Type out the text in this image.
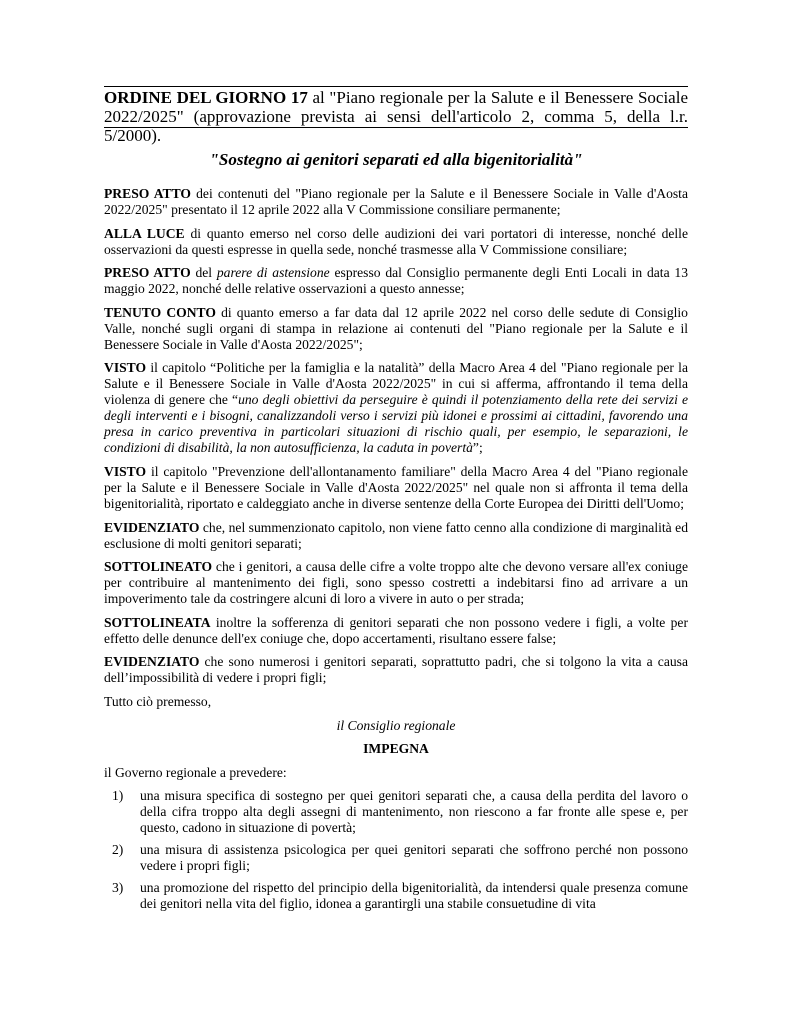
ORDINE DEL GIORNO 17 al "Piano regionale per la Salute e il Benessere Sociale 2022/2025" (approvazione prevista ai sensi dell'articolo 2, comma 5, della l.r. 5/2000).
"Sostegno ai genitori separati ed alla bigenitorialità"

PRESO ATTO dei contenuti del "Piano regionale per la Salute e il Benessere Sociale in Valle d'Aosta 2022/2025" presentato il 12 aprile 2022 alla V Commissione consiliare permanente;

ALLA LUCE di quanto emerso nel corso delle audizioni dei vari portatori di interesse, nonché delle osservazioni da questi espresse in quella sede, nonché trasmesse alla V Commissione consiliare;

PRESO ATTO del parere di astensione espresso dal Consiglio permanente degli Enti Locali in data 13 maggio 2022, nonché delle relative osservazioni a questo annesse;

TENUTO CONTO di quanto emerso a far data dal 12 aprile 2022 nel corso delle sedute di Consiglio Valle, nonché sugli organi di stampa in relazione ai contenuti del "Piano regionale per la Salute e il Benessere Sociale in Valle d'Aosta 2022/2025";

VISTO il capitolo “Politiche per la famiglia e la natalità” della Macro Area 4 del "Piano regionale per la Salute e il Benessere Sociale in Valle d'Aosta 2022/2025" in cui si afferma, affrontando il tema della violenza di genere che “uno degli obiettivi da perseguire è quindi il potenziamento della rete dei servizi e degli interventi e i bisogni, canalizzandoli verso i servizi più idonei e prossimi ai cittadini, favorendo una presa in carico preventiva in particolari situazioni di rischio quali, per esempio, le separazioni, le condizioni di disabilità, la non autosufficienza, la caduta in povertà”;

VISTO il capitolo "Prevenzione dell'allontanamento familiare" della Macro Area 4 del "Piano regionale per la Salute e il Benessere Sociale in Valle d'Aosta 2022/2025" nel quale non si affronta il tema della bigenitorialità, riportato e caldeggiato anche in diverse sentenze della Corte Europea dei Diritti dell'Uomo;

EVIDENZIATO che, nel summenzionato capitolo, non viene fatto cenno alla condizione di marginalità ed esclusione di molti genitori separati;

SOTTOLINEATO che i genitori, a causa delle cifre a volte troppo alte che devono versare all'ex coniuge per contribuire al mantenimento dei figli, sono spesso costretti a indebitarsi fino ad arrivare a un impoverimento tale da costringere alcuni di loro a vivere in auto o per strada;

SOTTOLINEATA inoltre la sofferenza di genitori separati che non possono vedere i figli, a volte per effetto delle denunce dell'ex coniuge che, dopo accertamenti, risultano essere false;

EVIDENZIATO che sono numerosi i genitori separati, soprattutto padri, che si tolgono la vita a causa dell’impossibilità di vedere i propri figli;

Tutto ciò premesso,

il Consiglio regionale

IMPEGNA

il Governo regionale a prevedere:

1) una misura specifica di sostegno per quei genitori separati che, a causa della perdita del lavoro o della cifra troppo alta degli assegni di mantenimento, non riescono a far fronte alle spese e, per questo, cadono in situazione di povertà;
2) una misura di assistenza psicologica per quei genitori separati che soffrono perché non possono vedere i propri figli;
3) una promozione del rispetto del principio della bigenitorialità, da intendersi quale presenza comune dei genitori nella vita del figlio, idonea a garantirgli una stabile consuetudine di vita
